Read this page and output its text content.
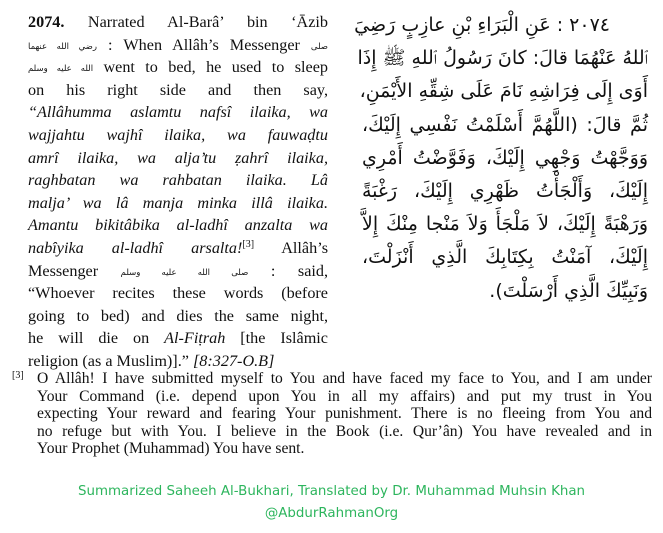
2074. Narrated Al-Barâ’ bin ‘Āzib
رضي الله عنهما : When Allâh’s Messenger صلى
الله عليه وسلم went to bed, he used to sleep
on his right side and then say,
“Allâhumma aslamtu nafsî ilaika, wa
wajjahtu wajhî ilaika, wa fauwaḍtu
amrî ilaika, wa alja’tu ẓahrî ilaika,
raghbatan wa rahbatan ilaika. Lâ
malja’ wa lâ manja minka illâ ilaika.
Amantu bikitâbika al-ladhî anzalta wa
nabîyika al-ladhî arsalta![3] Allâh’s
Messenger صلى الله عليه وسلم : said,
“Whoever recites these words (before
going to bed) and dies the same night,
he will die on Al-Fiṭrah [the Islâmic
religion (as a Muslim)].” [8:327-O.B]
٢٠٧٤ : عَنِ الْبَرَاءِ بْنِ عازِبٍ رَضِيَ
ٱللهُ عَنْهُمَا قالَ: كانَ رَسُولُ ٱللهِ ﷺ إِذَا
أَوَى إِلَى فِرَاشِهِ نَامَ عَلَى شِقِّهِ الأَيْمَنِ،
ثُمَّ قالَ: (اللَّهُمَّ أَسْلَمْتُ نَفْسِي إِلَيْكَ،
وَوَجَّهْتُ وَجْهِي إِلَيْكَ، وَفَوَّضْتُ أَمْرِي
إِلَيْكَ، وَأَلْجَأْتُ ظَهْرِي إِلَيْكَ، رَغْبَةً
وَرَهْبَةً إِلَيْكَ، لاَ مَلْجَأَ وَلاَ مَنْجا مِنْكَ إِلاَّ
إِلَيْكَ، آمَنْتُ بِكِتَابِكَ الَّذِي أَنْزَلْتَ،
وَنَبِيِّكَ الَّذِي أَرْسَلْتَ).
[3] O Allâh! I have submitted myself to You and have faced my face to You, and I am under
Your Command (i.e. depend upon You in all my affairs) and put my trust in You
expecting Your reward and fearing Your punishment. There is no fleeing from You and
no refuge but with You. I believe in the Book (i.e. Qur’ân) You have revealed and in
Your Prophet (Muhammad) You have sent.
Summarized Saheeh Al-Bukhari, Translated by Dr. Muhammad Muhsin Khan
@AbdurRahmanOrg
